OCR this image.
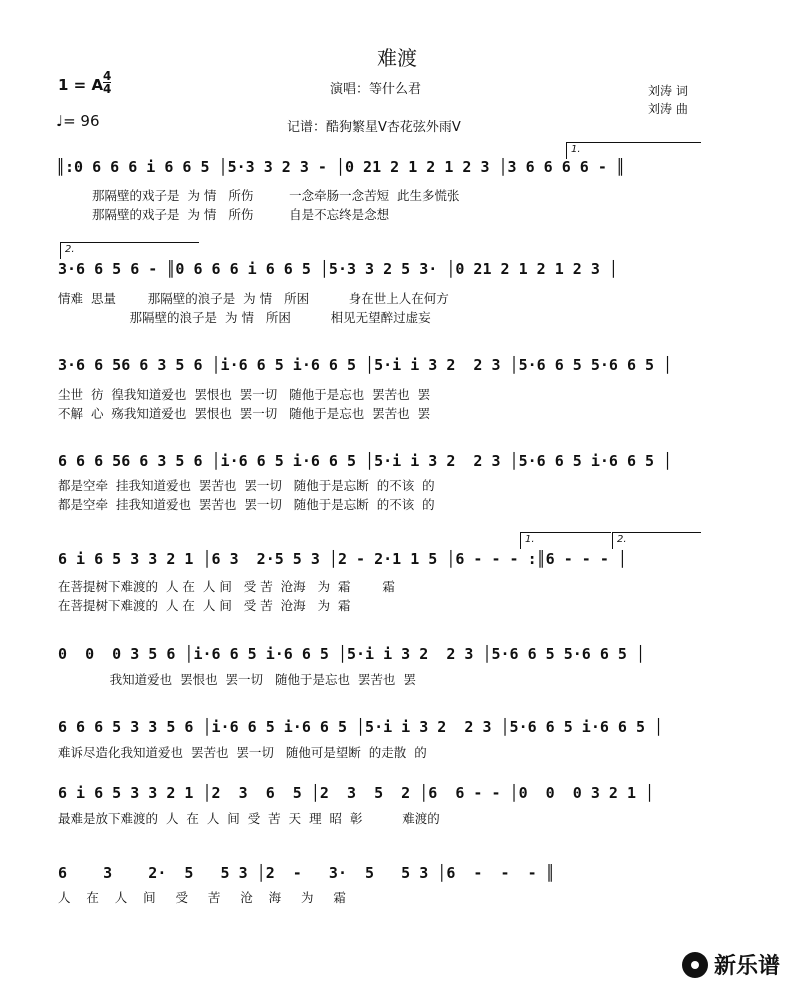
难渡
1 = A 4
4
♩= 96
演唱：等什么君
记谱：酷狗繁星V杏花弦外雨V
刘涛 词
刘涛 曲
1.
║:0 6 6 6 i 6 6 5 │5·3 3 2 3 - │0 21 2 1 2 1 2 3 │3 6 6 6 6 - ║
那隔壁的戏子是  为 情   所伤         一念牵肠一念苦短  此生多慌张
那隔壁的戏子是  为 情   所伤         自是不忘终是念想
2.
3·6 6 5 6 - ║0 6 6 6 i 6 6 5 │5·3 3 2 5 3· │0 21 2 1 2 1 2 3 │
情难  思量        那隔壁的浪子是  为 情   所困          身在世上人在何方
那隔壁的浪子是  为 情   所困          相见无望醉过虚妄
3·6 6 56 6 3 5 6 │i·6 6 5 i·6 6 5 │5·i i 3 2  2 3 │5·6 6 5 5·6 6 5 │
尘世  彷  徨我知道爱也  罢恨也  罢一切   随他于是忘也  罢苦也  罢
不解  心  殇我知道爱也  罢恨也  罢一切   随他于是忘也  罢苦也  罢
6 6 6 56 6 3 5 6 │i·6 6 5 i·6 6 5 │5·i i 3 2  2 3 │5·6 6 5 i·6 6 5 │
都是空牵  挂我知道爱也  罢苦也  罢一切   随他于是忘断  的不该  的
都是空牵  挂我知道爱也  罢苦也  罢一切   随他于是忘断  的不该  的
1.	2.
6 i 6 5 3 3 2 1 │6 3  2·5 5 3 │2 - 2·1 1 5 │6 - - - :║6 - - - │
在菩提树下难渡的  人 在  人 间   受 苦  沧海   为  霜        霜
在菩提树下难渡的  人 在  人 间   受 苦  沧海   为  霜
0  0  0 3 5 6 │i·6 6 5 i·6 6 5 │5·i i 3 2  2 3 │5·6 6 5 5·6 6 5 │
我知道爱也  罢恨也  罢一切   随他于是忘也  罢苦也  罢
6 6 6 5 3 3 5 6 │i·6 6 5 i·6 6 5 │5·i i 3 2  2 3 │5·6 6 5 i·6 6 5 │
难诉尽造化我知道爱也  罢苦也  罢一切   随他可是望断  的走散  的
6 i 6 5 3 3 2 1 │2  3  6  5 │2  3  5  2 │6  6 - - │0  0  0 3 2 1 │
最难是放下难渡的  人  在  人  间  受  苦  天  理  昭  彰          难渡的
6    3    2·  5   5 3 │2  -   3·  5   5 3 │6  -  -  - ║
人    在    人    间     受     苦     沧    海     为     霜
新乐谱
